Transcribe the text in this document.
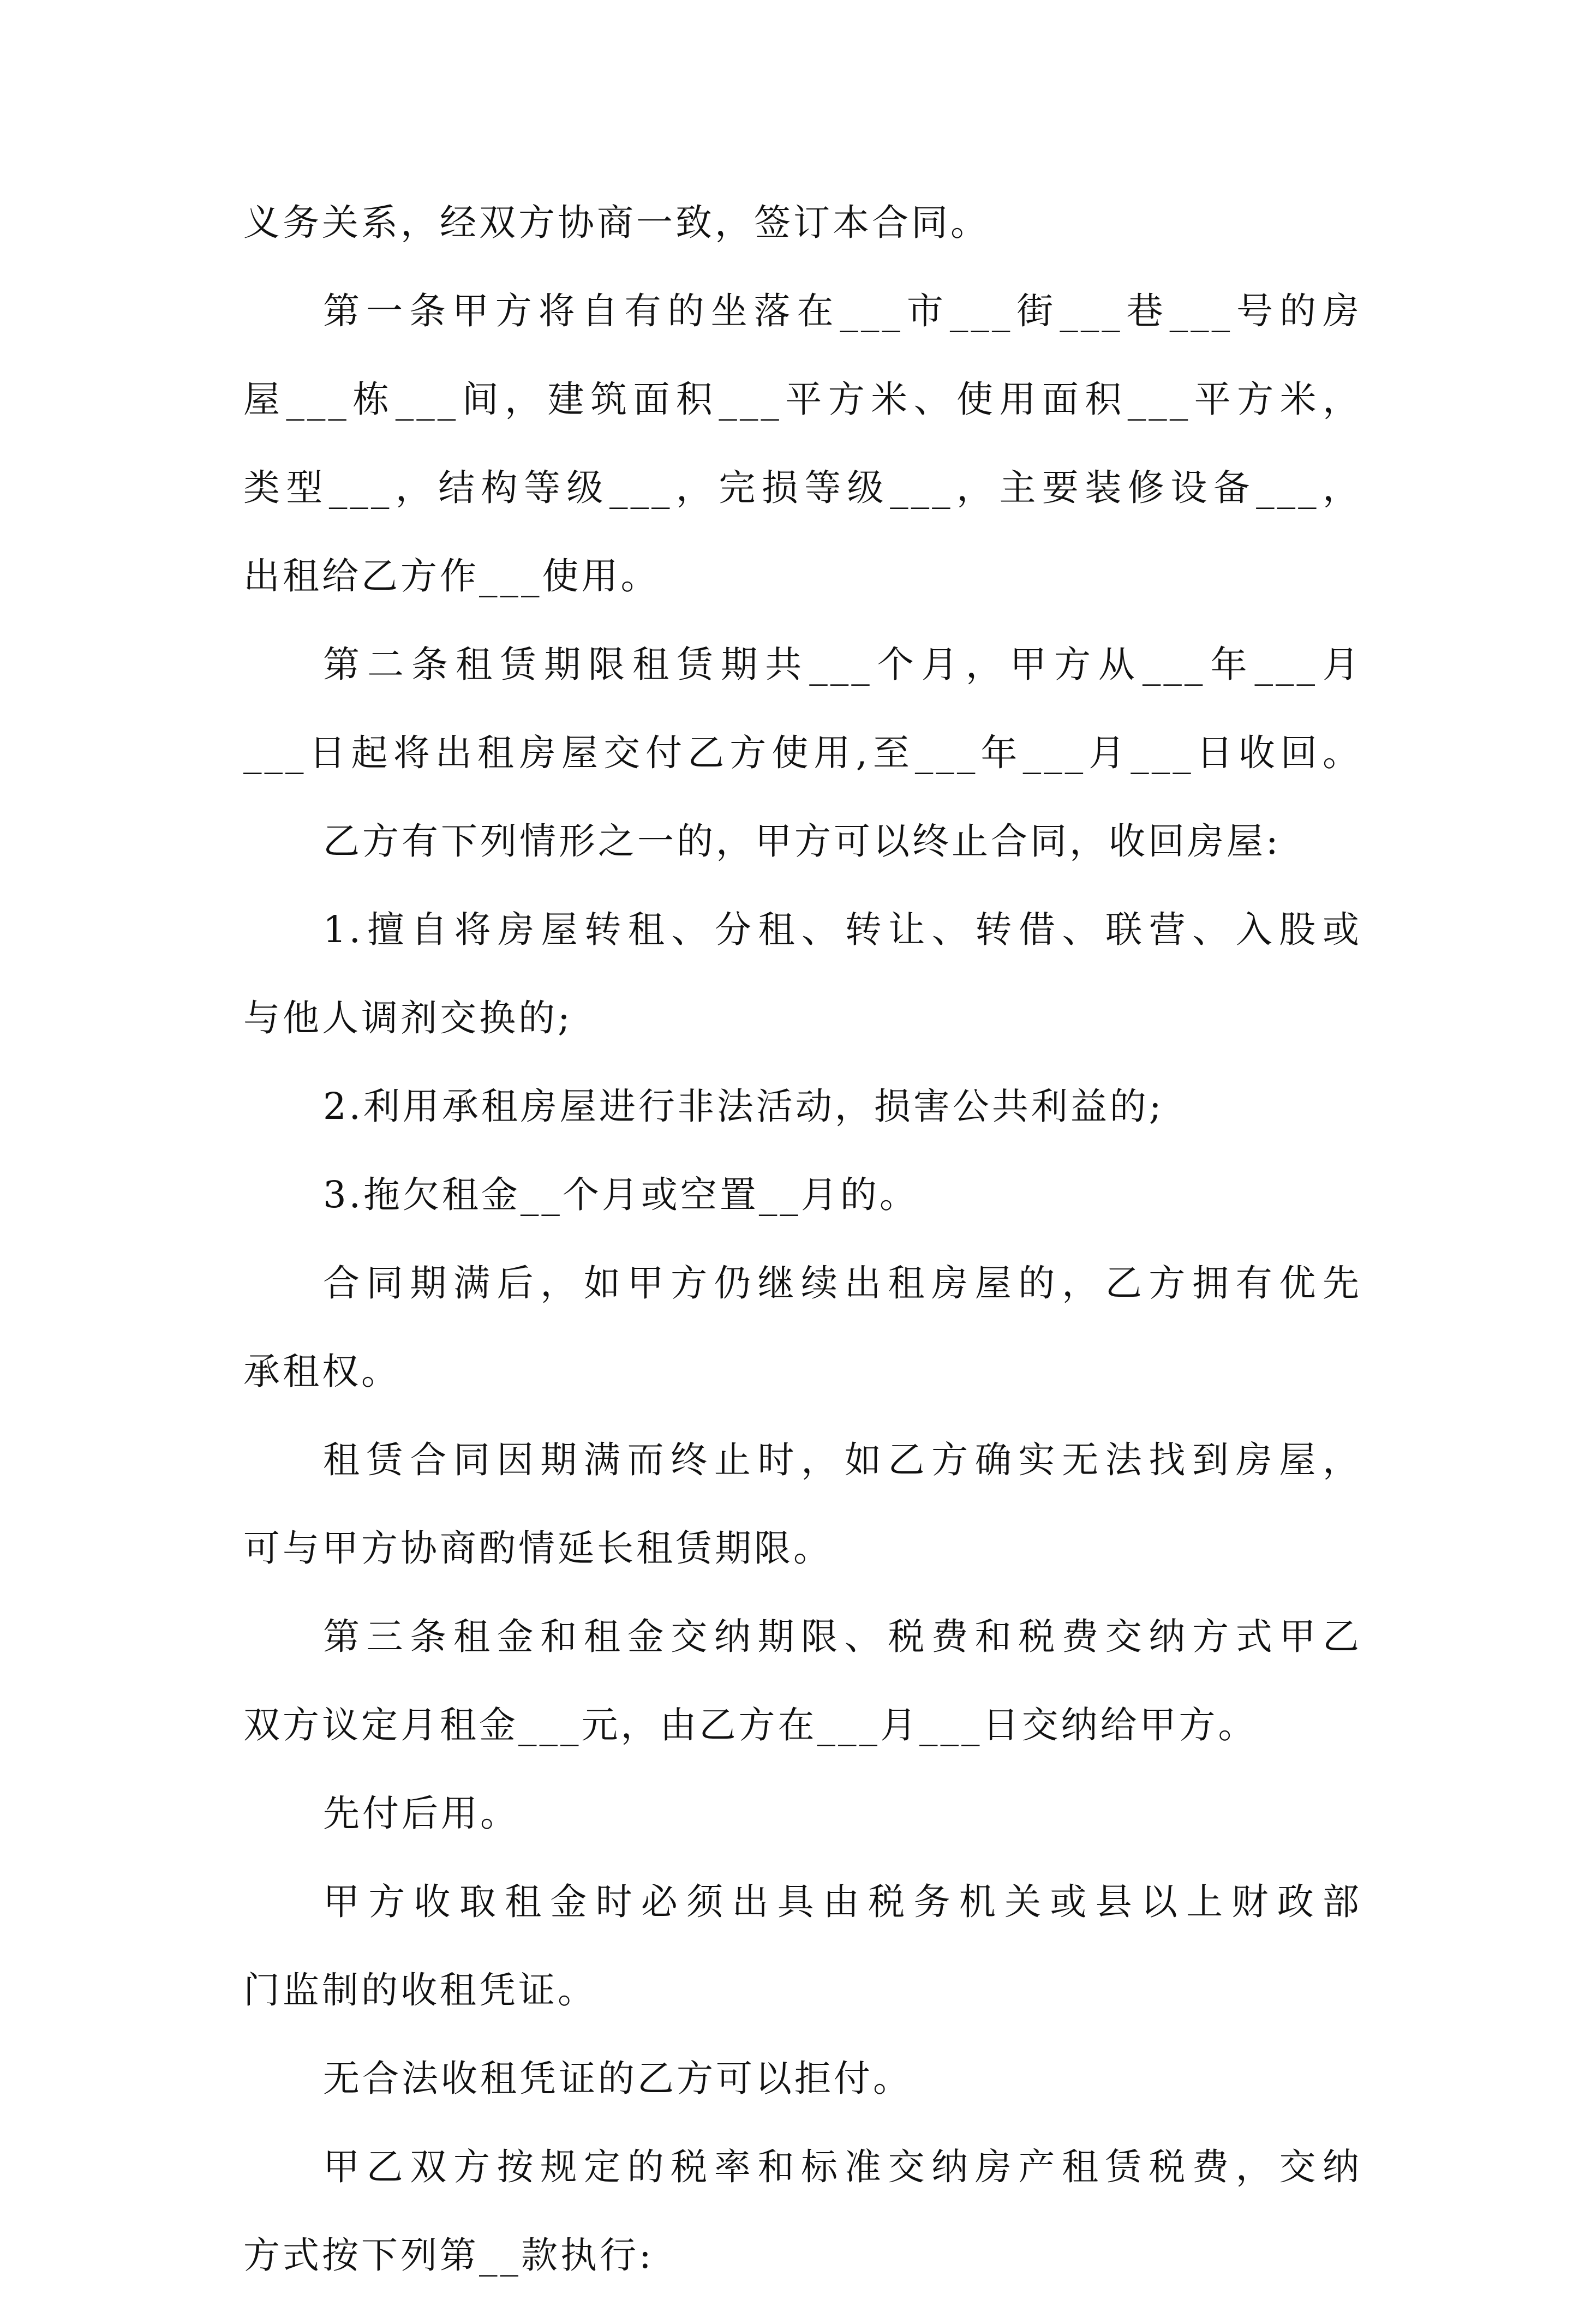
义务关系，经双方协商一致，签订本合同。
第一条甲方将自有的坐落在___市___街___巷___号的房
屋___栋___间，建筑面积___平方米、使用面积___平方米，
类型___，结构等级___，完损等级___，主要装修设备___，
出租给乙方作___使用。
第二条租赁期限租赁期共___个月，甲方从___年___月
___日起将出租房屋交付乙方使用,至___年___月___日收回。
乙方有下列情形之一的，甲方可以终止合同，收回房屋:
1.擅自将房屋转租、分租、转让、转借、联营、入股或
与他人调剂交换的;
2.利用承租房屋进行非法活动，损害公共利益的;
3.拖欠租金__个月或空置__月的。
合同期满后，如甲方仍继续出租房屋的，乙方拥有优先
承租权。
租赁合同因期满而终止时，如乙方确实无法找到房屋，
可与甲方协商酌情延长租赁期限。
第三条租金和租金交纳期限、税费和税费交纳方式甲乙
双方议定月租金___元，由乙方在___月___日交纳给甲方。
先付后用。
甲方收取租金时必须出具由税务机关或县以上财政部
门监制的收租凭证。
无合法收租凭证的乙方可以拒付。
甲乙双方按规定的税率和标准交纳房产租赁税费，交纳
方式按下列第__款执行:
